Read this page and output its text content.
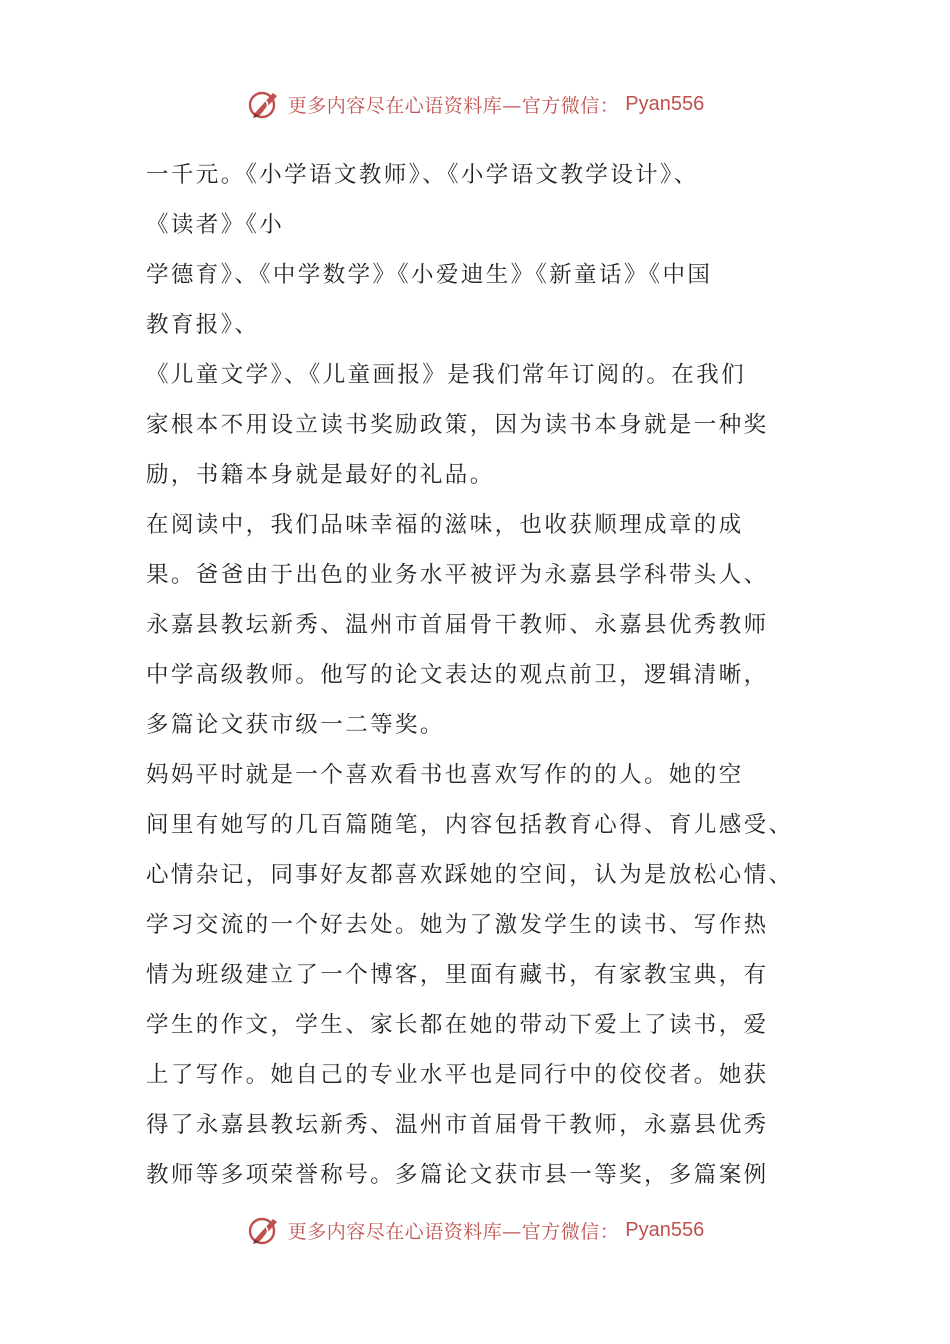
更多内容尽在心语资料库—官方微信： Pyan556
一千元。《小学语文教师》、《小学语文教学设计》、
《读者》《小
学德育》、《中学数学》《小爱迪生》《新童话》《中国
教育报》、
《儿童文学》、《儿童画报》是我们常年订阅的。在我们
家根本不用设立读书奖励政策，因为读书本身就是一种奖
励，书籍本身就是最好的礼品。
在阅读中，我们品味幸福的滋味，也收获顺理成章的成
果。爸爸由于出色的业务水平被评为永嘉县学科带头人、
永嘉县教坛新秀、温州市首届骨干教师、永嘉县优秀教师
中学高级教师。他写的论文表达的观点前卫，逻辑清晰，
多篇论文获市级一二等奖。
妈妈平时就是一个喜欢看书也喜欢写作的的人。她的空
间里有她写的几百篇随笔，内容包括教育心得、育儿感受、
心情杂记，同事好友都喜欢踩她的空间，认为是放松心情、
学习交流的一个好去处。她为了激发学生的读书、写作热
情为班级建立了一个博客，里面有藏书，有家教宝典，有
学生的作文，学生、家长都在她的带动下爱上了读书，爱
上了写作。她自己的专业水平也是同行中的佼佼者。她获
得了永嘉县教坛新秀、温州市首届骨干教师，永嘉县优秀
教师等多项荣誉称号。多篇论文获市县一等奖，多篇案例
更多内容尽在心语资料库—官方微信： Pyan556
